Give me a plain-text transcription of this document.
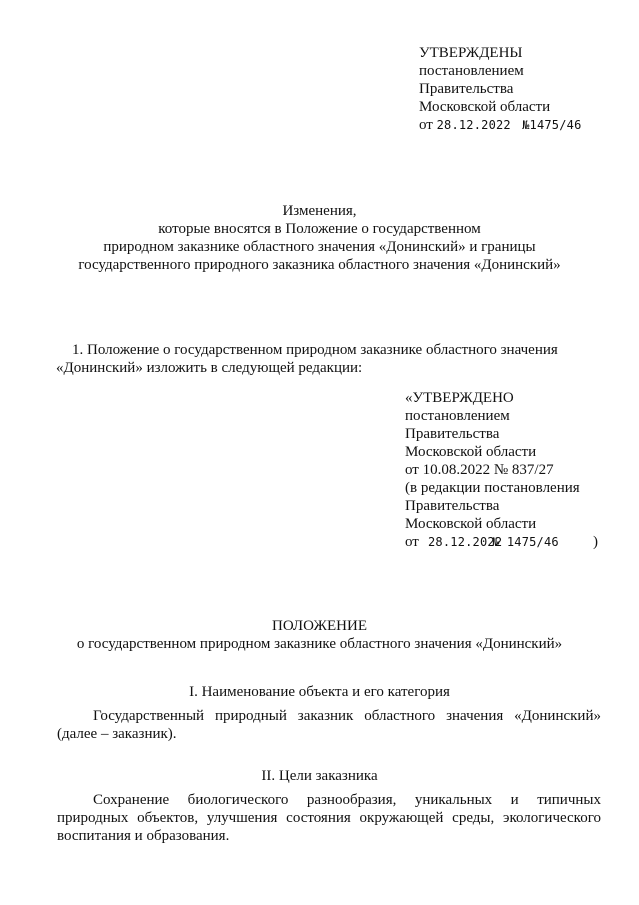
УТВЕРЖДЕНЫ
постановлением
Правительства
Московской области
от 28.12.2022 №1475/46
Изменения,
которые вносятся в Положение о государственном
природном заказнике областного значения «Донинский» и границы
государственного природного заказника областного значения «Донинский»
1. Положение о государственном природном заказнике областного значения
«Донинский» изложить в следующей редакции:
«УТВЕРЖДЕНО
постановлением
Правительства
Московской области
от 10.08.2022 № 837/27
(в редакции постановления
Правительства
Московской области
от 28.12.2022
№ 1475/46 )
ПОЛОЖЕНИЕ
о государственном природном заказнике областного значения «Донинский»
I. Наименование объекта и его категория
Государственный природный заказник областного значения «Донинский»
(далее – заказник).
II. Цели заказника
Сохранение биологического разнообразия, уникальных и типичных
природных объектов, улучшения состояния окружающей среды, экологического
воспитания и образования.
